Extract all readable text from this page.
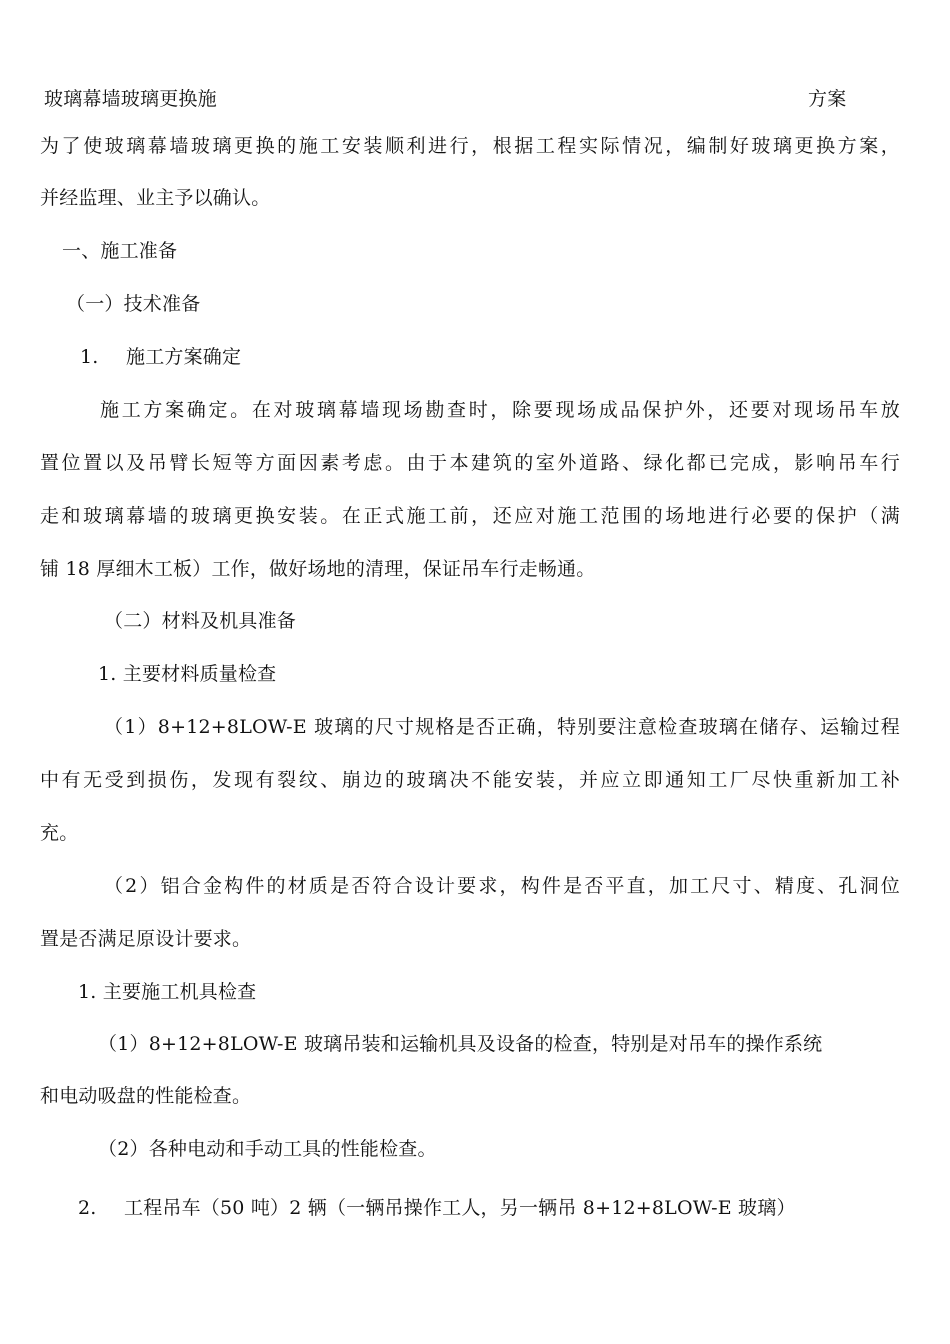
玻璃幕墙玻璃更换施	方案
为了使玻璃幕墙玻璃更换的施工安装顺利进行，根据工程实际情况，编制好玻璃更换方案，
并经监理、业主予以确认。
一、施工准备
（一）技术准备
1. 施工方案确定
施工方案确定。在对玻璃幕墙现场勘查时，除要现场成品保护外，还要对现场吊车放
置位置以及吊臂长短等方面因素考虑。由于本建筑的室外道路、绿化都已完成，影响吊车行
走和玻璃幕墙的玻璃更换安装。在正式施工前，还应对施工范围的场地进行必要的保护（满
铺 18 厚细木工板）工作，做好场地的清理，保证吊车行走畅通。
（二）材料及机具准备
1. 主要材料质量检查
（1）8+12+8LOW-E 玻璃的尺寸规格是否正确，特别要注意检查玻璃在储存、运输过程
中有无受到损伤，发现有裂纹、崩边的玻璃决不能安装，并应立即通知工厂尽快重新加工补
充。
（2）铝合金构件的材质是否符合设计要求，构件是否平直，加工尺寸、精度、孔洞位
置是否满足原设计要求。
1. 主要施工机具检查
（1）8+12+8LOW-E 玻璃吊装和运输机具及设备的检查，特别是对吊车的操作系统
和电动吸盘的性能检查。
（2）各种电动和手动工具的性能检查。
2. 工程吊车（50 吨）2 辆（一辆吊操作工人，另一辆吊 8+12+8LOW-E 玻璃）
